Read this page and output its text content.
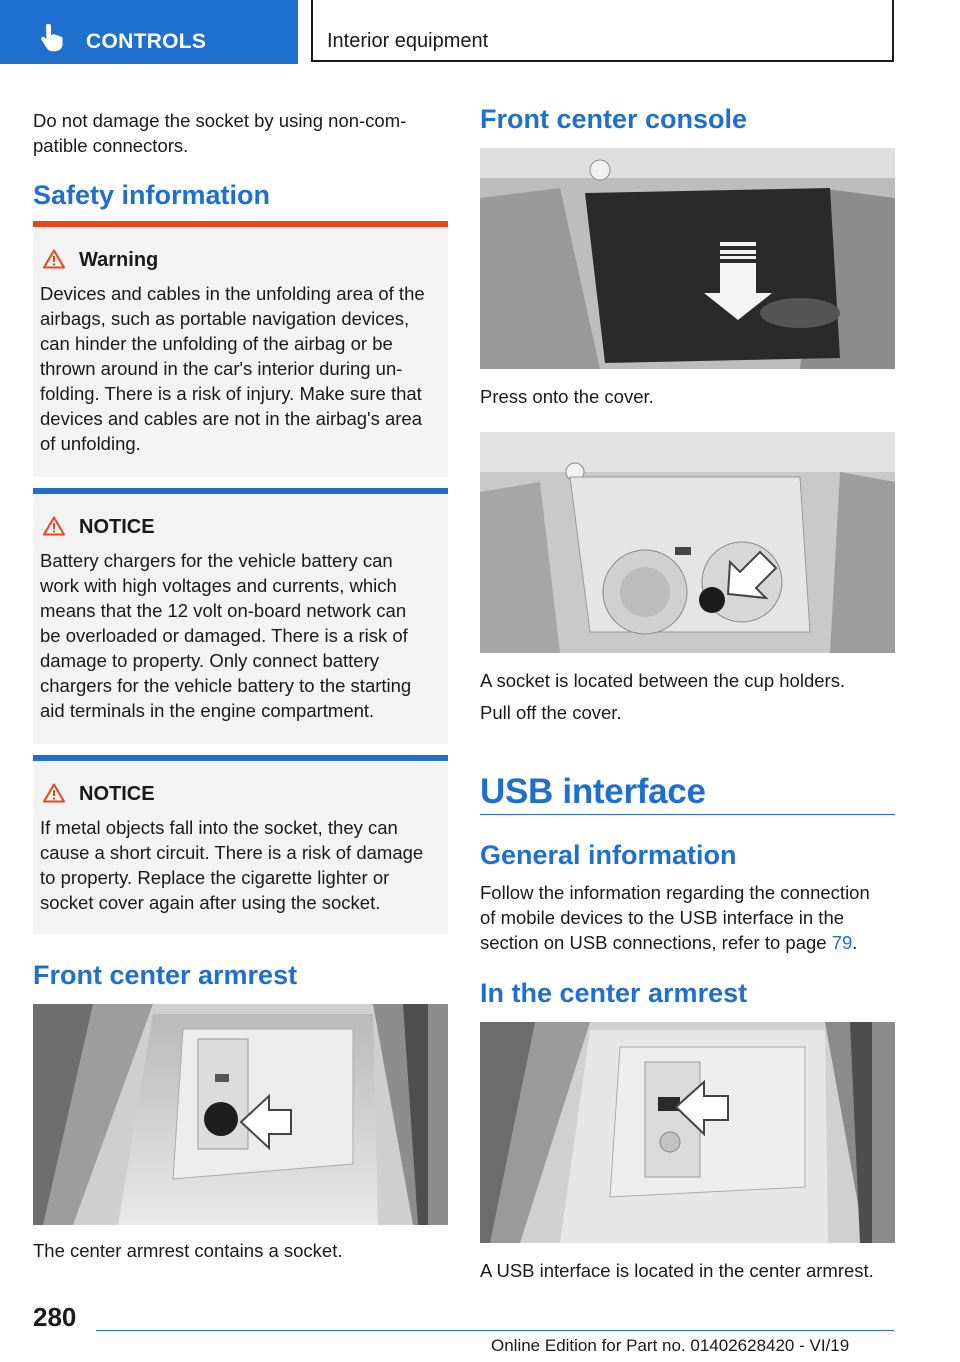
CONTROLS	Interior equipment
Do not damage the socket by using non-com-
patible connectors.
Safety information
Warning
Devices and cables in the unfolding area of the
airbags, such as portable navigation devices,
can hinder the unfolding of the airbag or be
thrown around in the car's interior during un-
folding. There is a risk of injury. Make sure that
devices and cables are not in the airbag's area
of unfolding.
NOTICE
Battery chargers for the vehicle battery can
work with high voltages and currents, which
means that the 12 volt on-board network can
be overloaded or damaged. There is a risk of
damage to property. Only connect battery
chargers for the vehicle battery to the starting
aid terminals in the engine compartment.
NOTICE
If metal objects fall into the socket, they can
cause a short circuit. There is a risk of damage
to property. Replace the cigarette lighter or
socket cover again after using the socket.
Front center armrest
The center armrest contains a socket.
Front center console
Press onto the cover.
A socket is located between the cup holders.
Pull off the cover.
USB interface
General information
Follow the information regarding the connection
of mobile devices to the USB interface in the
section on USB connections, refer to page 79.
In the center armrest
A USB interface is located in the center armrest.
280
Online Edition for Part no. 01402628420 - VI/19
